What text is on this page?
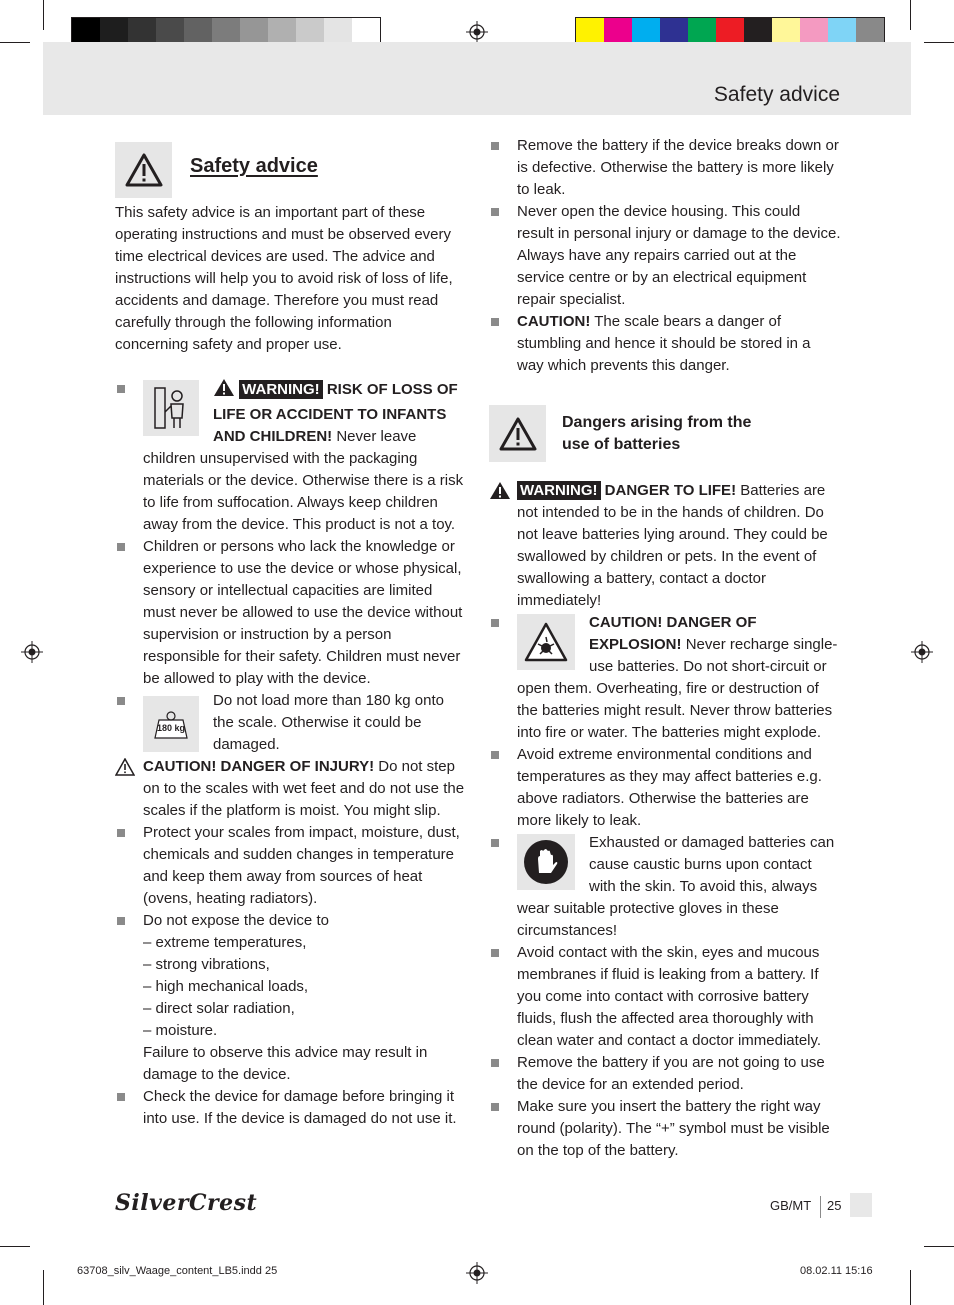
Safety advice
Safety advice

This safety advice is an important part of these operating instructions and must be observed every time electrical devices are used. The advice and instructions will help you to avoid risk of loss of life, accidents and damage. Therefore you must read carefully through the following information concerning safety and proper use.

WARNING! RISK OF LOSS OF LIFE OR ACCIDENT TO INFANTS AND CHILDREN! Never leave children unsupervised with the packaging materials or the device. Otherwise there is a risk to life from suffocation. Always keep children away from the device. This product is not a toy.
Children or persons who lack the knowledge or experience to use the device or whose physical, sensory or intellectual capacities are limited must never be allowed to use the device without supervision or instruction by a person responsible for their safety. Children must never be allowed to play with the device.
180 kg
Do not load more than 180 kg onto the scale. Otherwise it could be damaged.
CAUTION! DANGER OF INJURY! Do not step on to the scales with wet feet and do not use the scales if the platform is moist. You might slip.
Protect your scales from impact, moisture, dust, chemicals and sudden changes in temperature and keep them away from sources of heat (ovens, heating radiators).
Do not expose the device to
– extreme temperatures,
– strong vibrations,
– high mechanical loads,
– direct solar radiation,
– moisture.
Failure to observe this advice may result in damage to the device.
Check the device for damage before bringing it into use. If the device is damaged do not use it.
Remove the battery if the device breaks down or is defective. Otherwise the battery is more likely to leak.
Never open the device housing. This could result in personal injury or damage to the device. Always have any repairs carried out at the service centre or by an electrical equipment repair specialist.
CAUTION! The scale bears a danger of stumbling and hence it should be stored in a way which prevents this danger.
Dangers arising from the use of batteries
WARNING! DANGER TO LIFE! Batteries are not intended to be in the hands of children. Do not leave batteries lying around. They could be swallowed by children or pets. In the event of swallowing a battery, contact a doctor immediately!
CAUTION! DANGER OF EXPLOSION! Never recharge single-use batteries. Do not short-circuit or open them. Overheating, fire or destruction of the batteries might result. Never throw batteries into fire or water. The batteries might explode.
Avoid extreme environmental conditions and temperatures as they may affect batteries e.g. above radiators. Otherwise the batteries are more likely to leak.
Exhausted or damaged batteries can cause caustic burns upon contact with the skin. To avoid this, always wear suitable protective gloves in these circumstances!
Avoid contact with the skin, eyes and mucous membranes if fluid is leaking from a battery. If you come into contact with corrosive battery fluids, flush the affected area thoroughly with clean water and contact a doctor immediately.
Remove the battery if you are not going to use the device for an extended period.
Make sure you insert the battery the right way round (polarity). The “+” symbol must be visible on the top of the battery.
SilverCrest	GB/MT 25
63708_silv_Waage_content_LB5.indd 25	08.02.11 15:16
